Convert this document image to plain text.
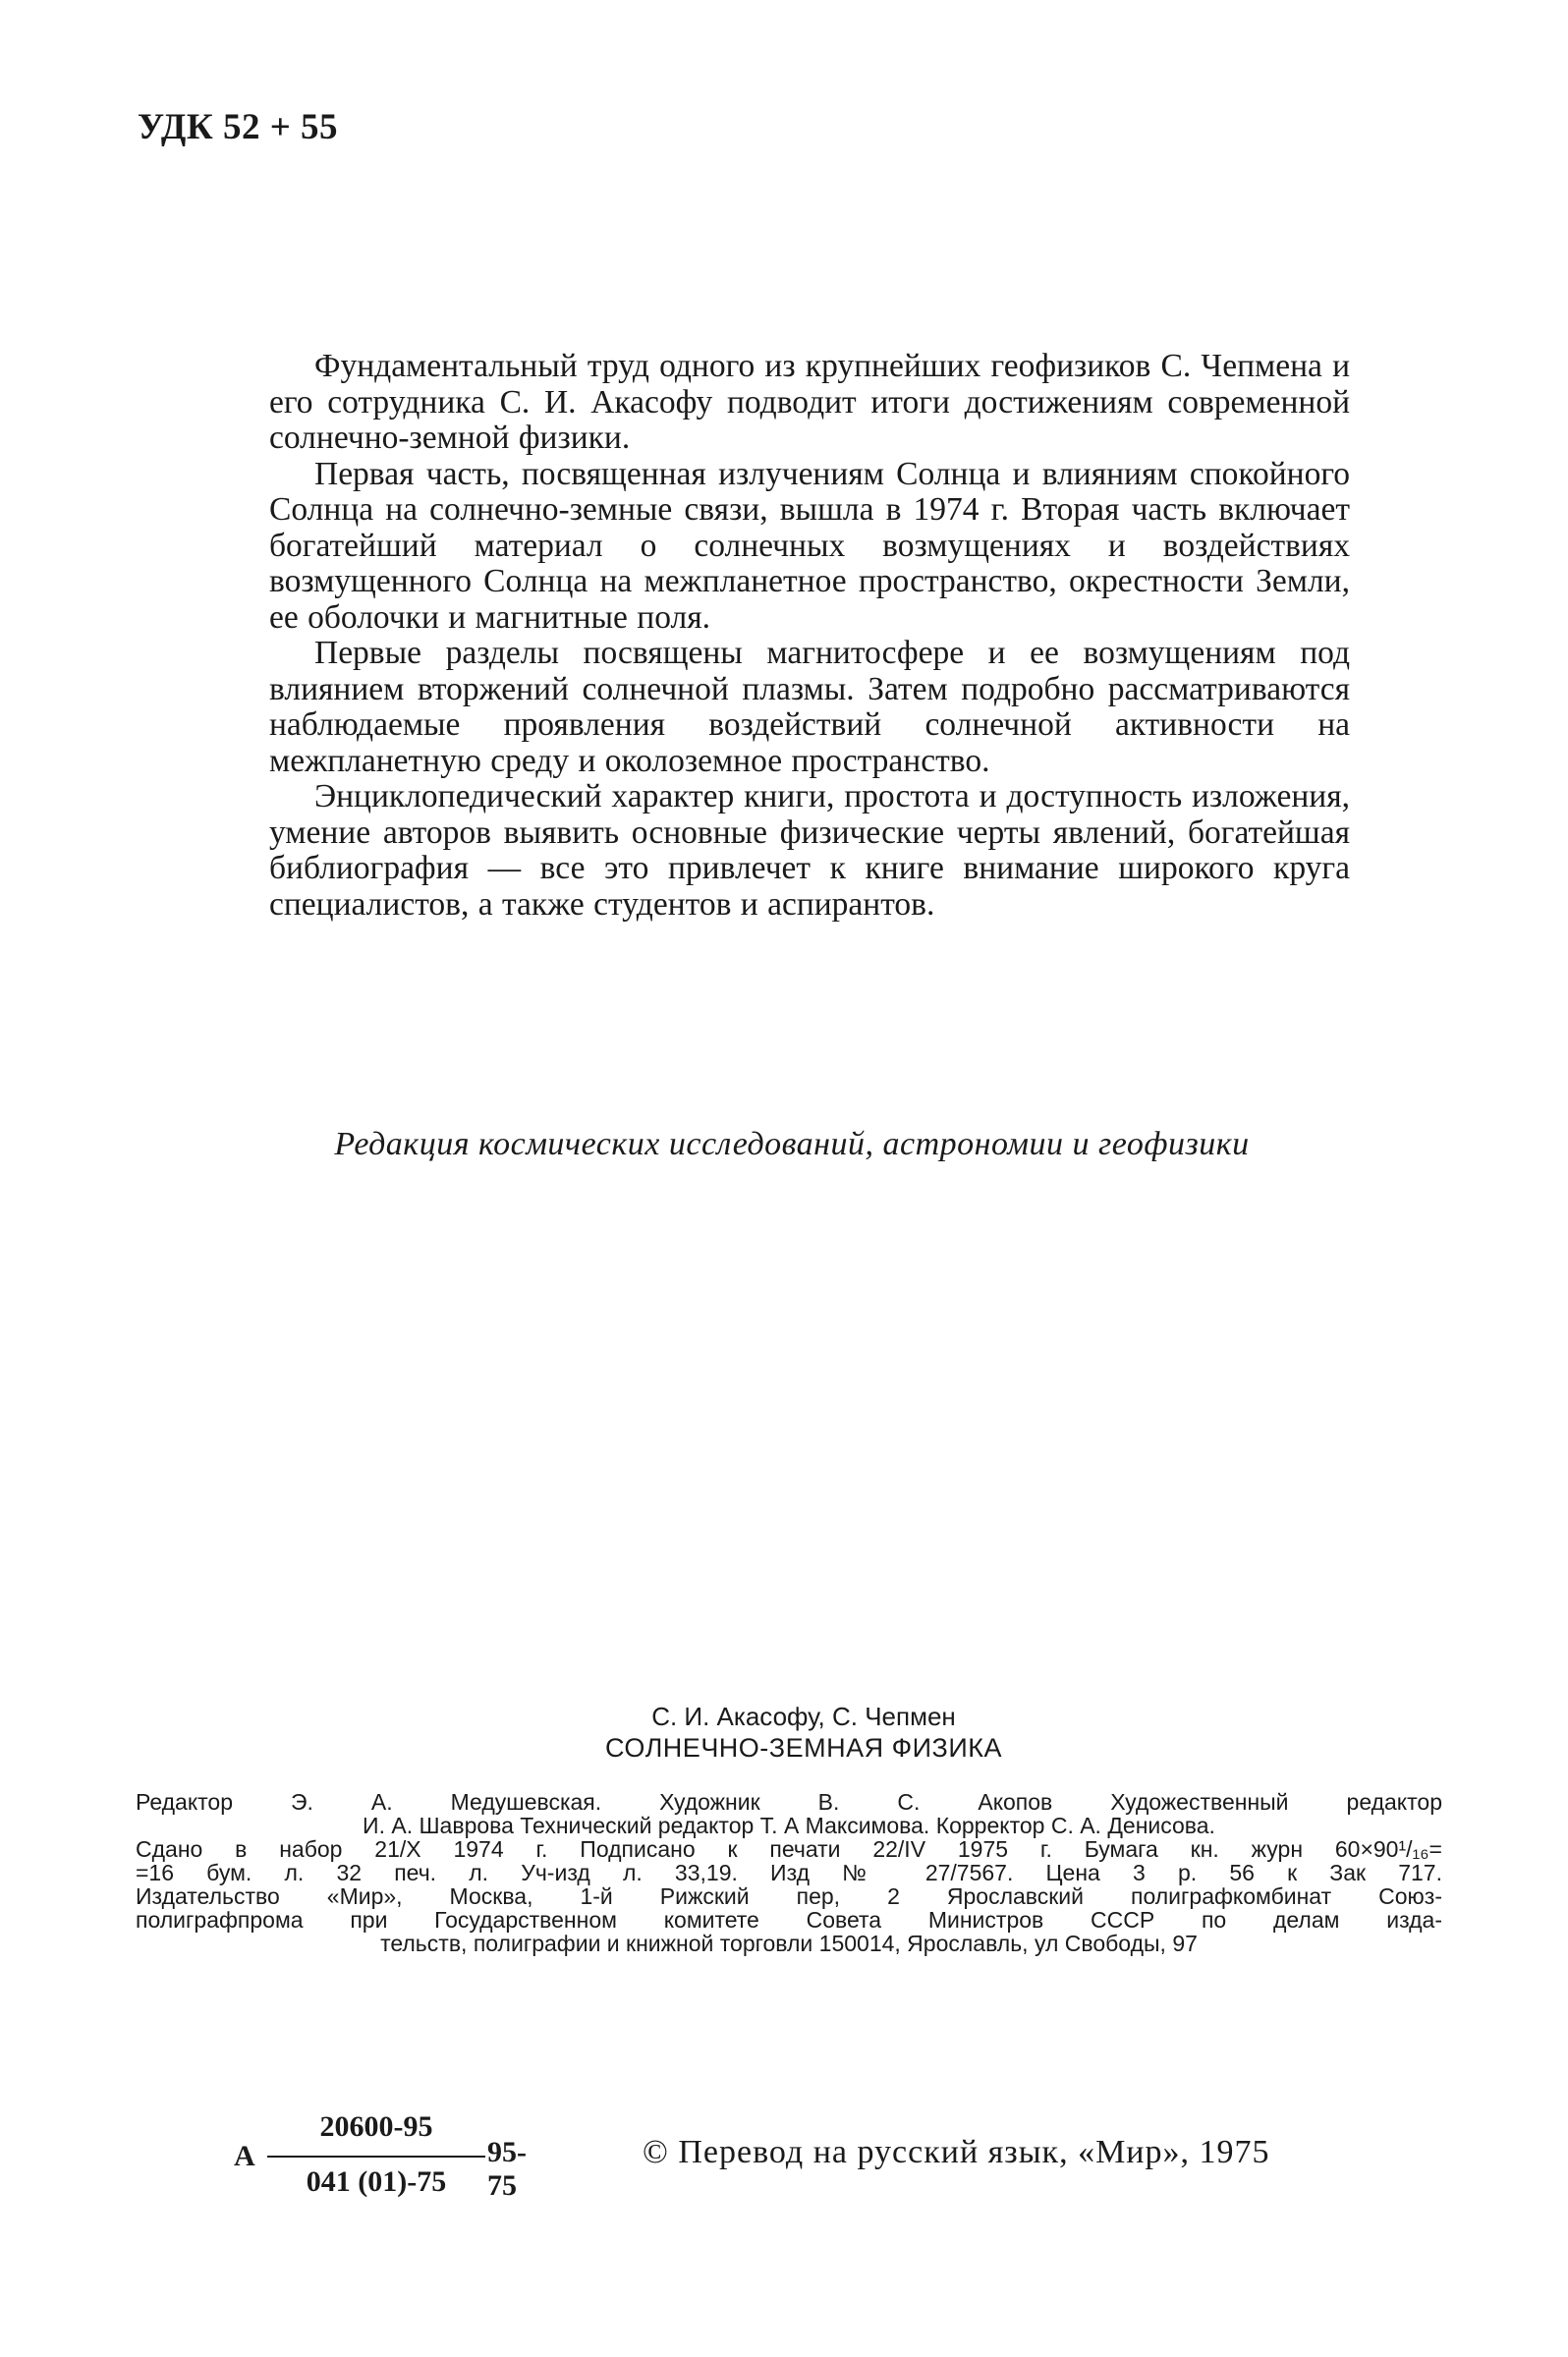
УДК 52 + 55

Фундаментальный труд одного из крупнейших геофизиков С. Чепмена и его сотрудника С. И. Акасофу подводит итоги достижениям современной солнечно-земной физики.

Первая часть, посвященная излучениям Солнца и влияниям спокойного Солнца на солнечно-земные связи, вышла в 1974 г. Вторая часть включает богатейший материал о солнечных возмущениях и воздействиях возмущенного Солнца на межпланетное пространство, окрестности Земли, ее оболочки и магнитные поля.

Первые разделы посвящены магнитосфере и ее возмущениям под влиянием вторжений солнечной плазмы. Затем подробно рассматриваются наблюдаемые проявления воздействий солнечной активности на межпланетную среду и околоземное пространство.

Энциклопедический характер книги, простота и доступность изложения, умение авторов выявить основные физические черты явлений, богатейшая библиография — все это привлечет к книге внимание широкого круга специалистов, а также студентов и аспирантов.

Редакция космических исследований, астрономии и геофизики
С. И. Акасофу, С. Чепмен
СОЛНЕЧНО-ЗЕМНАЯ ФИЗИКА
Редактор Э. А. Медушевская. Художник В. С. Акопов Художественный редактор
И. А. Шаврова Технический редактор Т. А Максимова. Корректор С. А. Денисова.
Сдано в набор 21/X 1974 г. Подписано к печати 22/IV 1975 г. Бумага кн. журн 60×90¹/₁₆=
=16 бум. л. 32 печ. л. Уч-изд л. 33,19. Изд № 27/7567. Цена 3 р. 56 к Зак 717.
Издательство «Мир», Москва, 1-й Рижский пер, 2 Ярославский полиграфкомбинат Союз-
полиграфпрома при Государственном комитете Совета Министров СССР по делам изда-
тельств, полиграфии и книжной торговли 150014, Ярославль, ул Свободы, 97
А
20600-95
041 (01)-75
95-75
© Перевод на русский язык, «Мир», 1975
